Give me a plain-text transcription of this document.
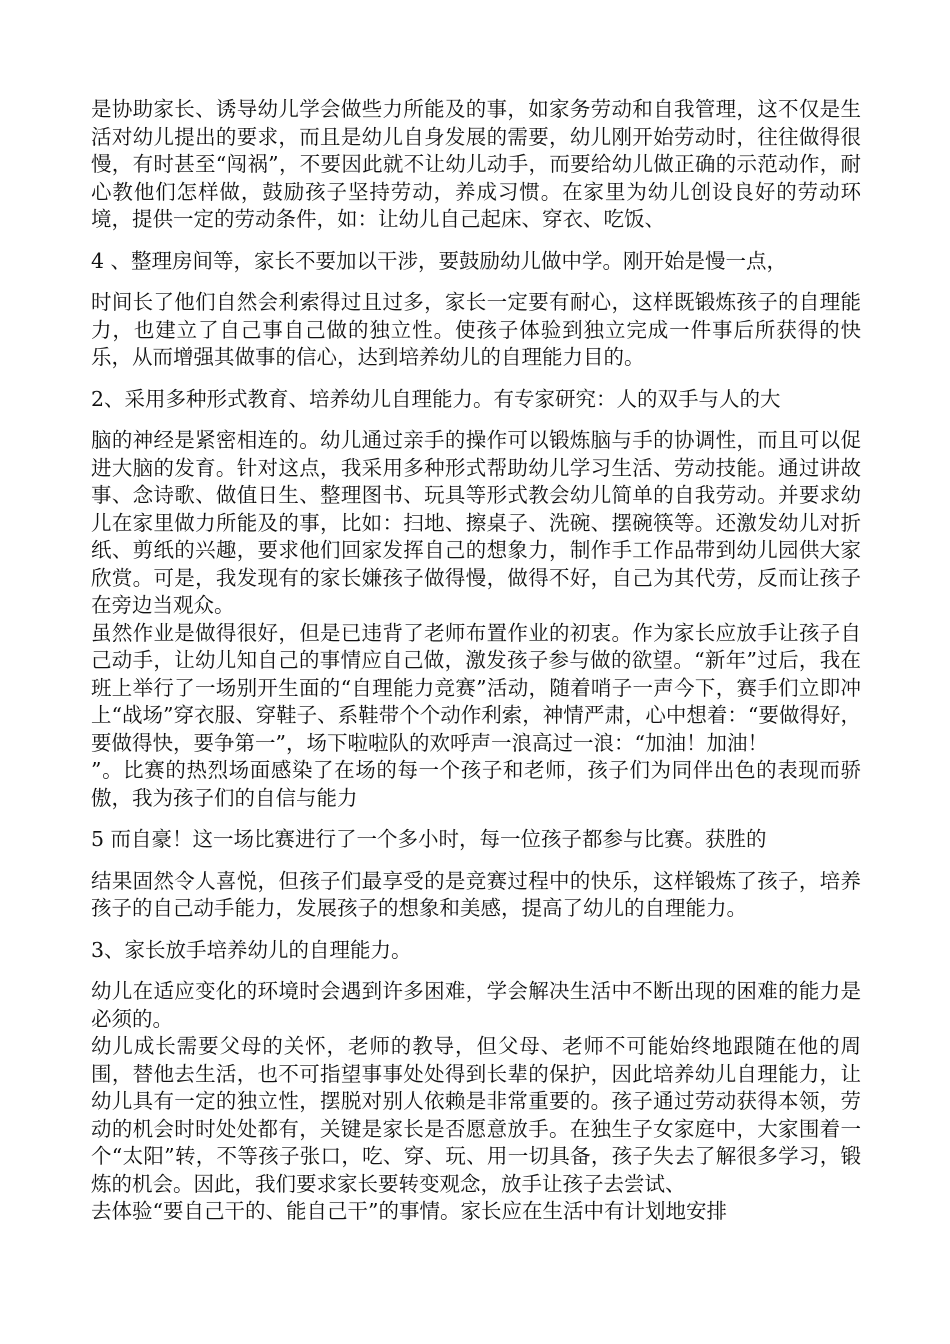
是协助家长、诱导幼儿学会做些力所能及的事，如家务劳动和自我管理，这不仅是生活对幼儿提出的要求，而且是幼儿自身发展的需要，幼儿刚开始劳动时，往往做得很慢，有时甚至“闯祸”，不要因此就不让幼儿动手，而要给幼儿做正确的示范动作，耐心教他们怎样做，鼓励孩子坚持劳动，养成习惯。在家里为幼儿创设良好的劳动环境，提供一定的劳动条件，如：让幼儿自己起床、穿衣、吃饭、

4 、整理房间等，家长不要加以干涉，要鼓励幼儿做中学。刚开始是慢一点，

时间长了他们自然会利索得过且过多，家长一定要有耐心，这样既锻炼孩子的自理能力，也建立了自己事自己做的独立性。使孩子体验到独立完成一件事后所获得的快乐，从而增强其做事的信心，达到培养幼儿的自理能力目的。

2、采用多种形式教育、培养幼儿自理能力。有专家研究：人的双手与人的大

脑的神经是紧密相连的。幼儿通过亲手的操作可以锻炼脑与手的协调性，而且可以促进大脑的发育。针对这点，我采用多种形式帮助幼儿学习生活、劳动技能。通过讲故事、念诗歌、做值日生、整理图书、玩具等形式教会幼儿简单的自我劳动。并要求幼儿在家里做力所能及的事，比如：扫地、擦桌子、洗碗、摆碗筷等。还激发幼儿对折纸、剪纸的兴趣，要求他们回家发挥自己的想象力，制作手工作品带到幼儿园供大家欣赏。可是，我发现有的家长嫌孩子做得慢，做得不好，自己为其代劳，反而让孩子在旁边当观众。

虽然作业是做得很好，但是已违背了老师布置作业的初衷。作为家长应放手让孩子自己动手，让幼儿知自己的事情应自己做，激发孩子参与做的欲望。“新年”过后，我在班上举行了一场别开生面的“自理能力竞赛”活动，随着哨子一声今下，赛手们立即冲上“战场”穿衣服、穿鞋子、系鞋带个个动作利索，神情严肃，心中想着：“要做得好，要做得快，要争第一”，场下啦啦队的欢呼声一浪高过一浪：“加油！加油！

”。比赛的热烈场面感染了在场的每一个孩子和老师，孩子们为同伴出色的表现而骄傲，我为孩子们的自信与能力

5 而自豪！这一场比赛进行了一个多小时，每一位孩子都参与比赛。获胜的

结果固然令人喜悦，但孩子们最享受的是竞赛过程中的快乐，这样锻炼了孩子，培养孩子的自己动手能力，发展孩子的想象和美感，提高了幼儿的自理能力。

3、家长放手培养幼儿的自理能力。

幼儿在适应变化的环境时会遇到许多困难，学会解决生活中不断出现的困难的能力是必须的。

幼儿成长需要父母的关怀，老师的教导，但父母、老师不可能始终地跟随在他的周围，替他去生活，也不可指望事事处处得到长辈的保护，因此培养幼儿自理能力，让幼儿具有一定的独立性，摆脱对别人依赖是非常重要的。孩子通过劳动获得本领，劳动的机会时时处处都有，关键是家长是否愿意放手。在独生子女家庭中，大家围着一个“太阳”转，不等孩子张口，吃、穿、玩、用一切具备，孩子失去了解很多学习，锻炼的机会。因此，我们要求家长要转变观念，放手让孩子去尝试、

去体验“要自己干的、能自己干”的事情。家长应在生活中有计划地安排
